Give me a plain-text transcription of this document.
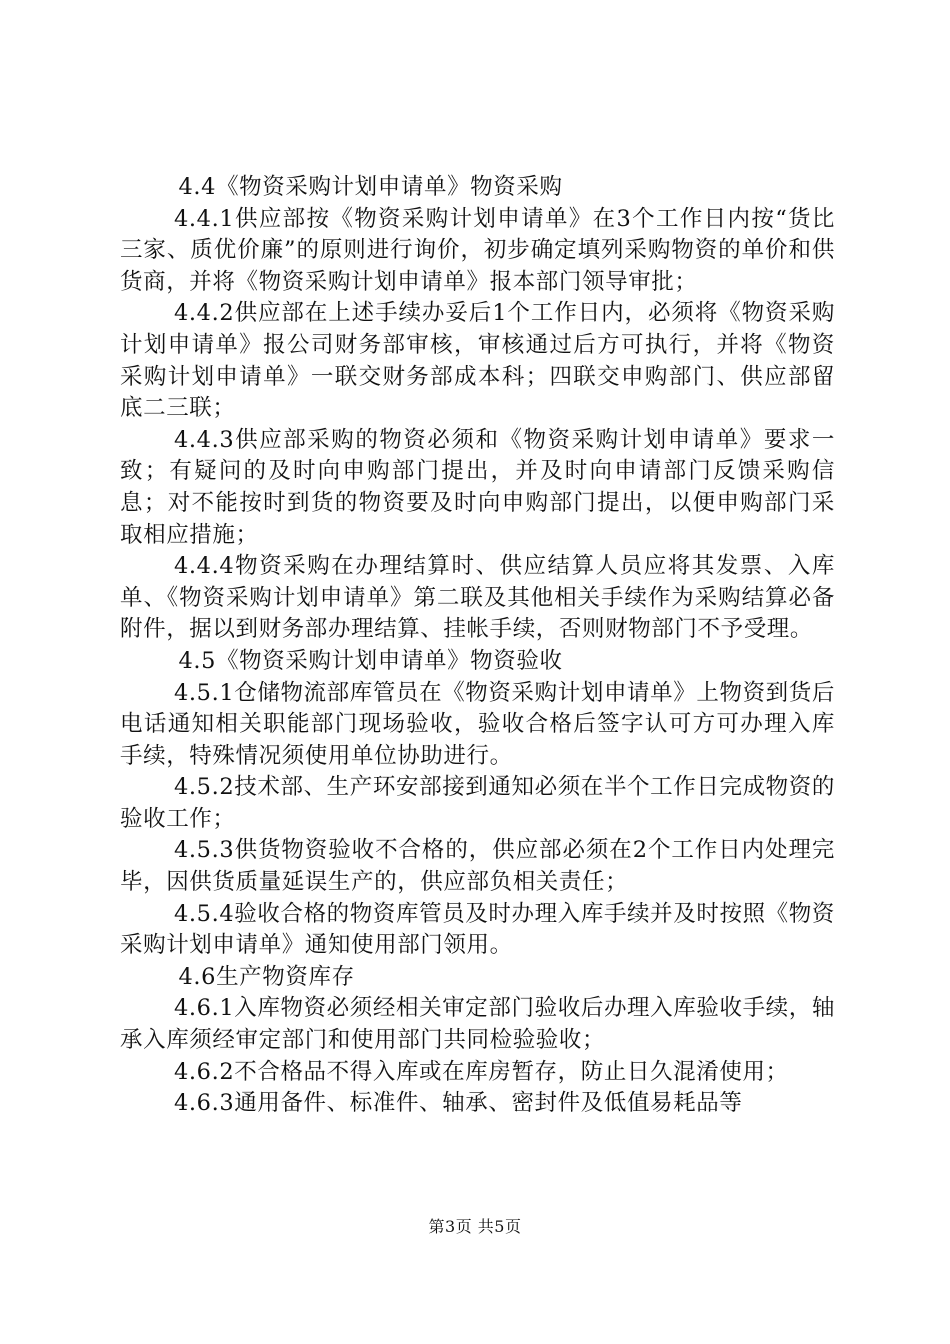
4.4《物资采购计划申请单》物资采购

4.4.1供应部按《物资采购计划申请单》在3个工作日内按“货比三家、质优价廉”的原则进行询价，初步确定填列采购物资的单价和供货商，并将《物资采购计划申请单》报本部门领导审批；

4.4.2供应部在上述手续办妥后1个工作日内，必须将《物资采购计划申请单》报公司财务部审核，审核通过后方可执行，并将《物资采购计划申请单》一联交财务部成本科；四联交申购部门、供应部留底二三联；

4.4.3供应部采购的物资必须和《物资采购计划申请单》要求一致；有疑问的及时向申购部门提出，并及时向申请部门反馈采购信息；对不能按时到货的物资要及时向申购部门提出，以便申购部门采取相应措施；

4.4.4物资采购在办理结算时、供应结算人员应将其发票、入库单、《物资采购计划申请单》第二联及其他相关手续作为采购结算必备附件，据以到财务部办理结算、挂帐手续，否则财物部门不予受理。

4.5《物资采购计划申请单》物资验收

4.5.1仓储物流部库管员在《物资采购计划申请单》上物资到货后电话通知相关职能部门现场验收，验收合格后签字认可方可办理入库手续，特殊情况须使用单位协助进行。

4.5.2技术部、生产环安部接到通知必须在半个工作日完成物资的验收工作；

4.5.3供货物资验收不合格的，供应部必须在2个工作日内处理完毕，因供货质量延误生产的，供应部负相关责任；

4.5.4验收合格的物资库管员及时办理入库手续并及时按照《物资采购计划申请单》通知使用部门领用。

4.6生产物资库存

4.6.1入库物资必须经相关审定部门验收后办理入库验收手续，轴承入库须经审定部门和使用部门共同检验验收；

4.6.2不合格品不得入库或在库房暂存，防止日久混淆使用；

4.6.3通用备件、标准件、轴承、密封件及低值易耗品等

第3页 共5页
